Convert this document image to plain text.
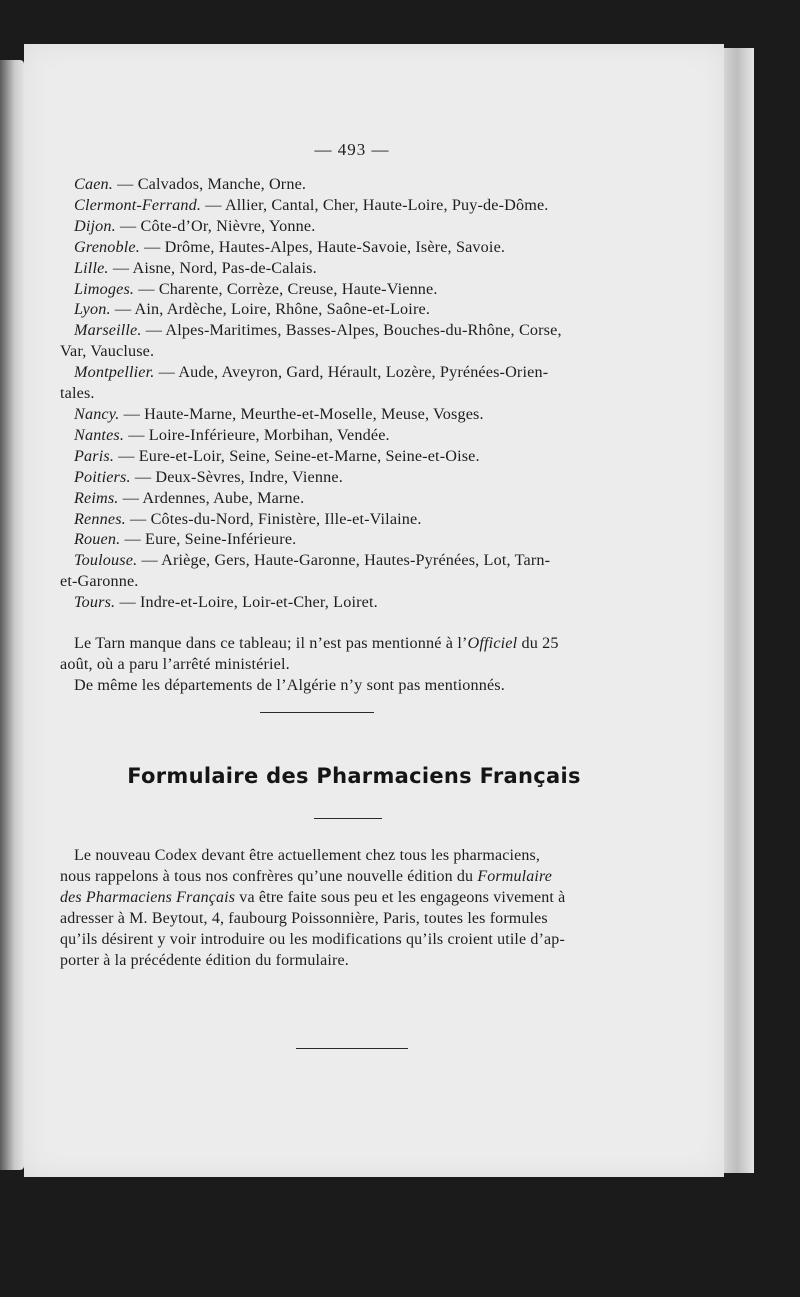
— 493 —
Caen. — Calvados, Manche, Orne.
Clermont-Ferrand. — Allier, Cantal, Cher, Haute-Loire, Puy-de-Dôme.
Dijon. — Côte-d’Or, Nièvre, Yonne.
Grenoble. — Drôme, Hautes-Alpes, Haute-Savoie, Isère, Savoie.
Lille. — Aisne, Nord, Pas-de-Calais.
Limoges. — Charente, Corrèze, Creuse, Haute-Vienne.
Lyon. — Ain, Ardèche, Loire, Rhône, Saône-et-Loire.
Marseille. — Alpes-Maritimes, Basses-Alpes, Bouches-du-Rhône, Corse,
Var, Vaucluse.
Montpellier. — Aude, Aveyron, Gard, Hérault, Lozère, Pyrénées-Orien-
tales.
Nancy. — Haute-Marne, Meurthe-et-Moselle, Meuse, Vosges.
Nantes. — Loire-Inférieure, Morbihan, Vendée.
Paris. — Eure-et-Loir, Seine, Seine-et-Marne, Seine-et-Oise.
Poitiers. — Deux-Sèvres, Indre, Vienne.
Reims. — Ardennes, Aube, Marne.
Rennes. — Côtes-du-Nord, Finistère, Ille-et-Vilaine.
Rouen. — Eure, Seine-Inférieure.
Toulouse. — Ariège, Gers, Haute-Garonne, Hautes-Pyrénées, Lot, Tarn-
et-Garonne.
Tours. — Indre-et-Loire, Loir-et-Cher, Loiret.
Le Tarn manque dans ce tableau; il n’est pas mentionné à l’Officiel du 25
août, où a paru l’arrêté ministériel.
De même les départements de l’Algérie n’y sont pas mentionnés.
Formulaire des Pharmaciens Français
Le nouveau Codex devant être actuellement chez tous les pharmaciens,
nous rappelons à tous nos confrères qu’une nouvelle édition du Formulaire
des Pharmaciens Français va être faite sous peu et les engageons vivement à
adresser à M. Beytout, 4, faubourg Poissonnière, Paris, toutes les formules
qu’ils désirent y voir introduire ou les modifications qu’ils croient utile d’ap-
porter à la précédente édition du formulaire.
